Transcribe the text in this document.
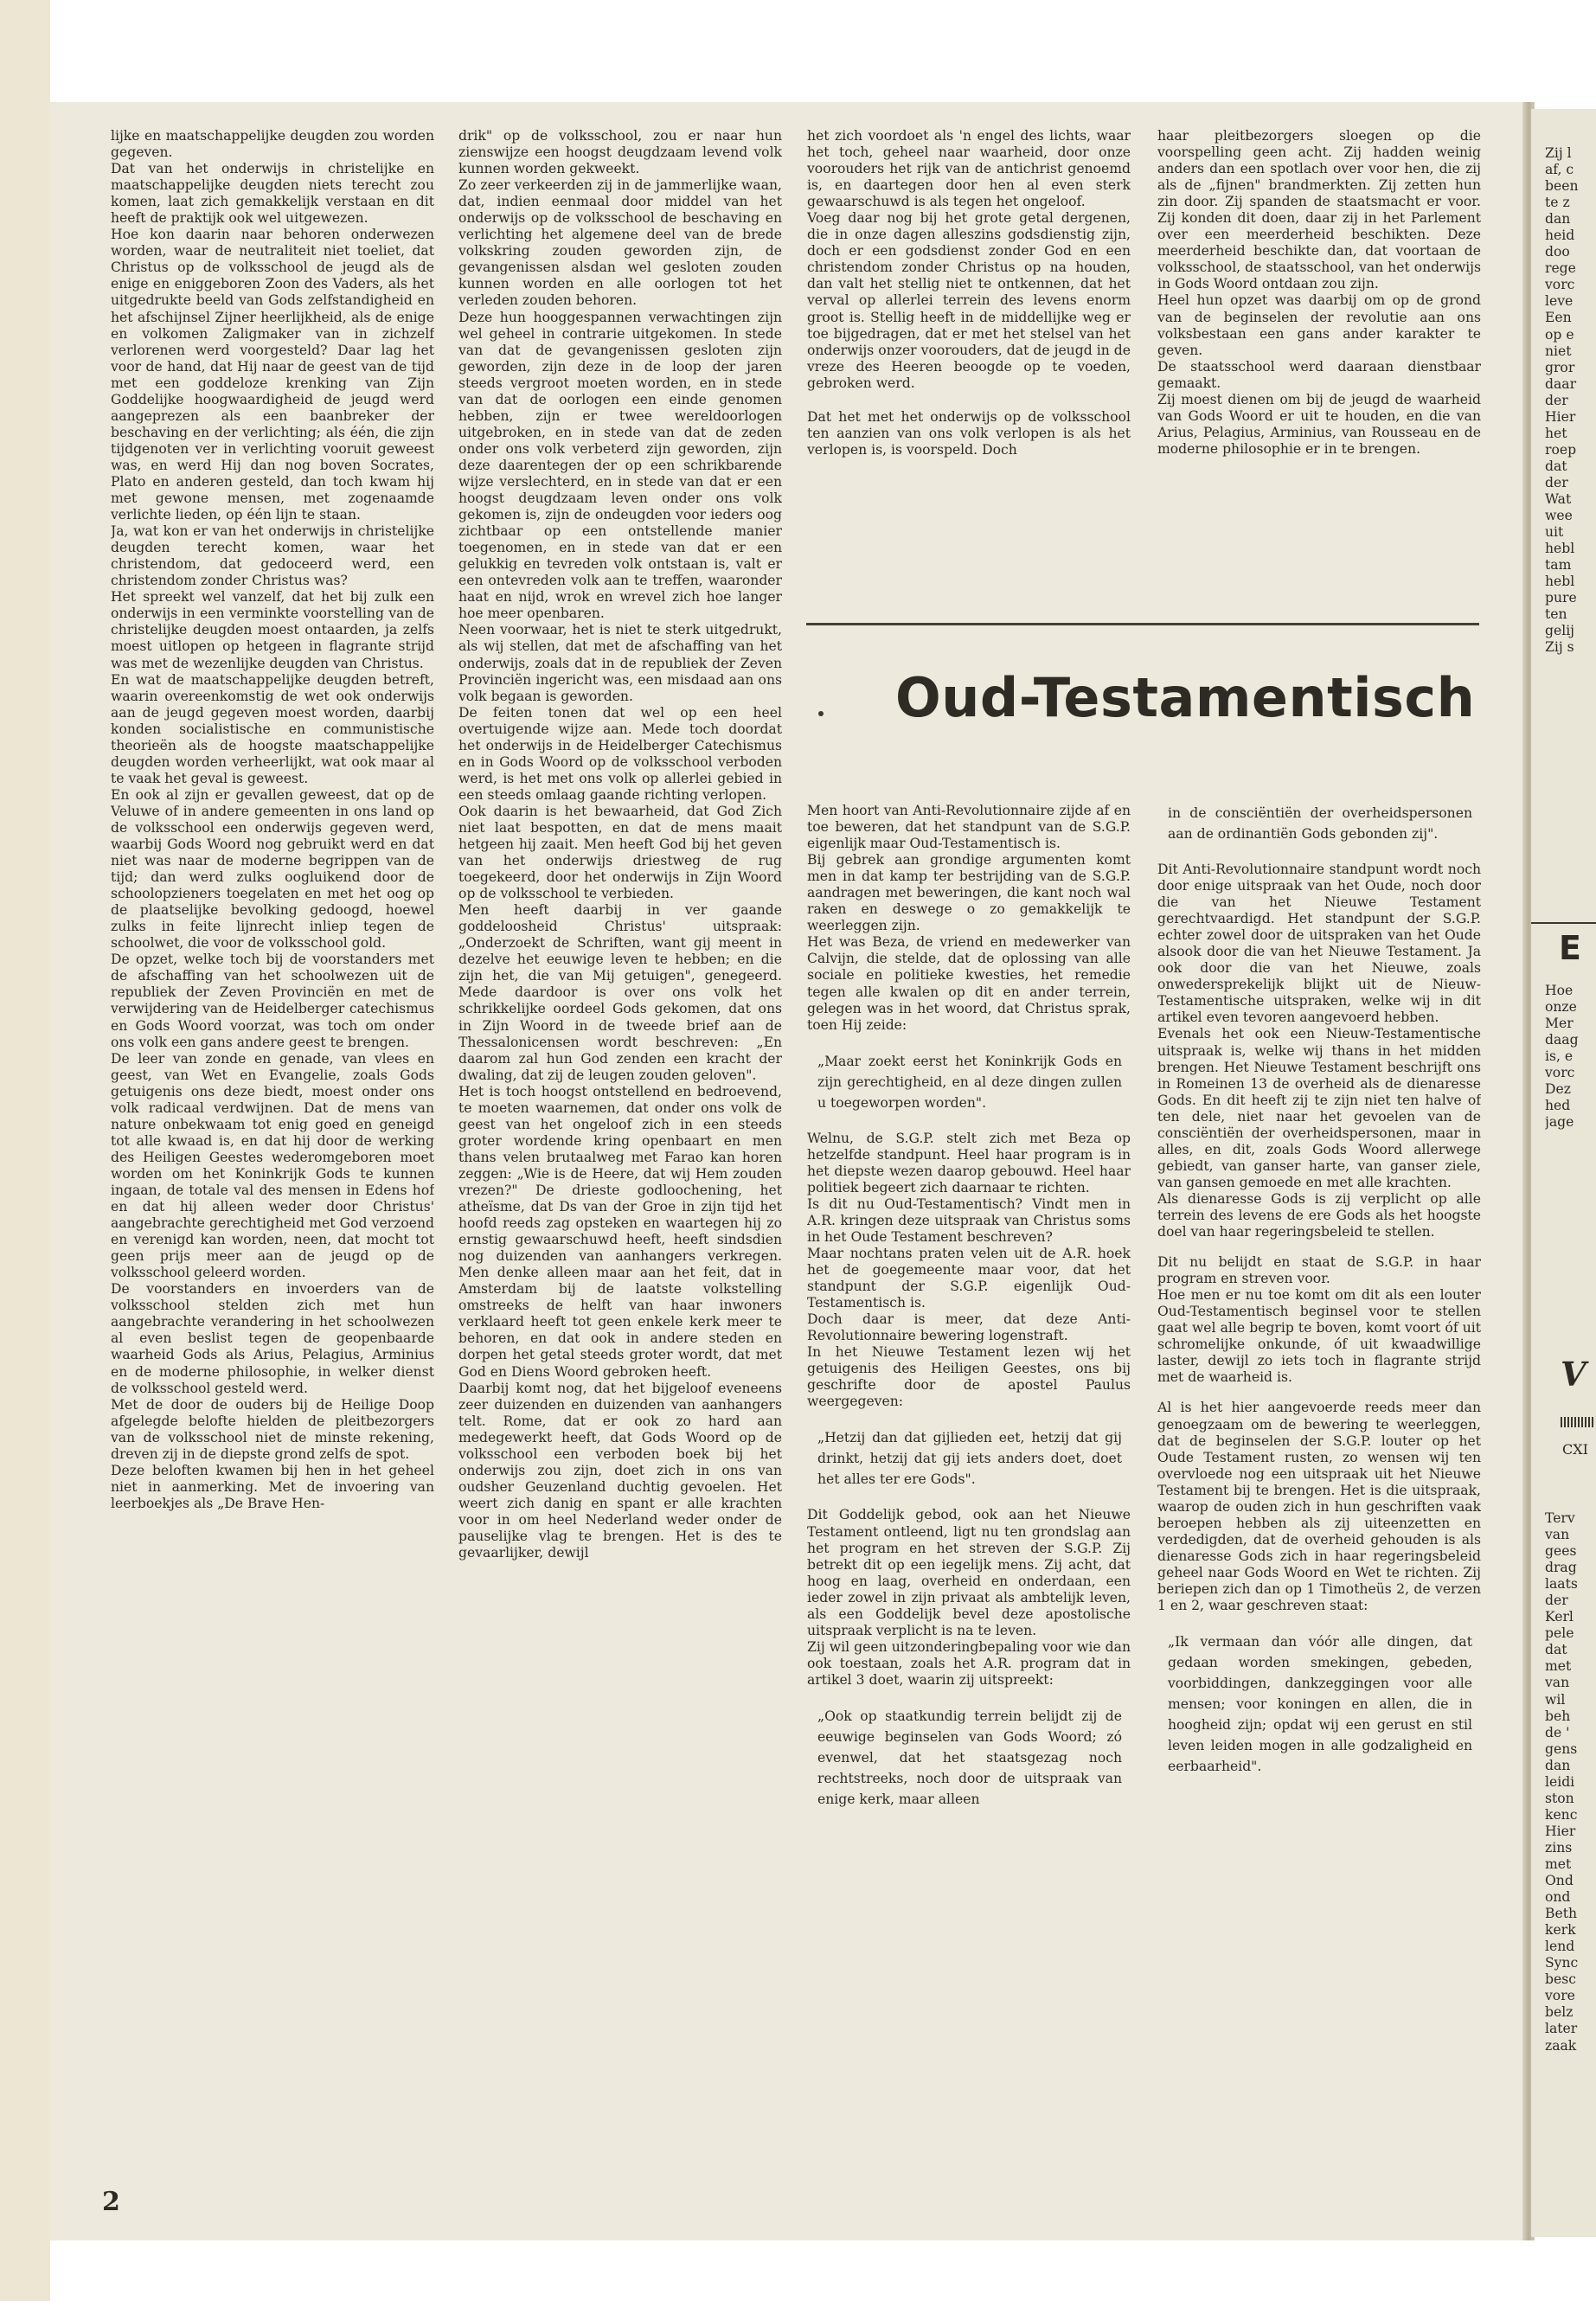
lijke en maatschappelijke deugden zou worden gegeven.

Dat van het onderwijs in christelijke en maatschappelijke deugden niets terecht zou komen, laat zich gemakkelijk verstaan en dit heeft de praktijk ook wel uitgewezen.

Hoe kon daarin naar behoren onderwezen worden, waar de neutraliteit niet toeliet, dat Christus op de volksschool de jeugd als de enige en eniggeboren Zoon des Vaders, als het uitgedrukte beeld van Gods zelfstandigheid en het afschijnsel Zijner heerlijkheid, als de enige en volkomen Zaligmaker van in zichzelf verlorenen werd voorgesteld? Daar lag het voor de hand, dat Hij naar de geest van de tijd met een goddeloze krenking van Zijn Goddelijke hoogwaardigheid de jeugd werd aangeprezen als een baanbreker der beschaving en der verlichting; als één, die zijn tijdgenoten ver in verlichting vooruit geweest was, en werd Hij dan nog boven Socrates, Plato en anderen gesteld, dan toch kwam hij met gewone mensen, met zogenaamde verlichte lieden, op één lijn te staan.

Ja, wat kon er van het onderwijs in christelijke deugden terecht komen, waar het christendom, dat gedoceerd werd, een christendom zonder Christus was?

Het spreekt wel vanzelf, dat het bij zulk een onderwijs in een verminkte voorstelling van de christelijke deugden moest ontaarden, ja zelfs moest uitlopen op hetgeen in flagrante strijd was met de wezenlijke deugden van Christus.

En wat de maatschappelijke deugden betreft, waarin overeenkomstig de wet ook onderwijs aan de jeugd gegeven moest worden, daarbij konden socialistische en communistische theorieën als de hoogste maatschappelijke deugden worden verheerlijkt, wat ook maar al te vaak het geval is geweest.

En ook al zijn er gevallen geweest, dat op de Veluwe of in andere gemeenten in ons land op de volksschool een onderwijs gegeven werd, waarbij Gods Woord nog gebruikt werd en dat niet was naar de moderne begrippen van de tijd; dan werd zulks oogluikend door de schoolopzieners toegelaten en met het oog op de plaatselijke bevolking gedoogd, hoewel zulks in feite lijnrecht inliep tegen de schoolwet, die voor de volksschool gold.

De opzet, welke toch bij de voorstanders met de afschaffing van het schoolwezen uit de republiek der Zeven Provinciën en met de verwijdering van de Heidelberger catechismus en Gods Woord voorzat, was toch om onder ons volk een gans andere geest te brengen.

De leer van zonde en genade, van vlees en geest, van Wet en Evangelie, zoals Gods getuigenis ons deze biedt, moest onder ons volk radicaal verdwijnen. Dat de mens van nature onbekwaam tot enig goed en geneigd tot alle kwaad is, en dat hij door de werking des Heiligen Geestes wederomgeboren moet worden om het Koninkrijk Gods te kunnen ingaan, de totale val des mensen in Edens hof en dat hij alleen weder door Christus' aangebrachte gerechtigheid met God verzoend en verenigd kan worden, neen, dat mocht tot geen prijs meer aan de jeugd op de volksschool geleerd worden.

De voorstanders en invoerders van de volksschool stelden zich met hun aangebrachte verandering in het schoolwezen al even beslist tegen de geopenbaarde waarheid Gods als Arius, Pelagius, Arminius en de moderne philosophie, in welker dienst de volksschool gesteld werd.

Met de door de ouders bij de Heilige Doop afgelegde belofte hielden de pleitbezorgers van de volksschool niet de minste rekening, dreven zij in de diepste grond zelfs de spot.

Deze beloften kwamen bij hen in het geheel niet in aanmerking. Met de invoering van leerboekjes als „De Brave Hen-

drik" op de volksschool, zou er naar hun zienswijze een hoogst deugdzaam levend volk kunnen worden gekweekt.

Zo zeer verkeerden zij in de jammerlijke waan, dat, indien eenmaal door middel van het onderwijs op de volksschool de beschaving en verlichting het algemene deel van de brede volkskring zouden geworden zijn, de gevangenissen alsdan wel gesloten zouden kunnen worden en alle oorlogen tot het verleden zouden behoren.

Deze hun hooggespannen verwachtingen zijn wel geheel in contrarie uitgekomen. In stede van dat de gevangenissen gesloten zijn geworden, zijn deze in de loop der jaren steeds vergroot moeten worden, en in stede van dat de oorlogen een einde genomen hebben, zijn er twee wereldoorlogen uitgebroken, en in stede van dat de zeden onder ons volk verbeterd zijn geworden, zijn deze daarentegen der op een schrikbarende wijze verslechterd, en in stede van dat er een hoogst deugdzaam leven onder ons volk gekomen is, zijn de ondeugden voor ieders oog zichtbaar op een ontstellende manier toegenomen, en in stede van dat er een gelukkig en tevreden volk ontstaan is, valt er een ontevreden volk aan te treffen, waaronder haat en nijd, wrok en wrevel zich hoe langer hoe meer openbaren.

Neen voorwaar, het is niet te sterk uitgedrukt, als wij stellen, dat met de afschaffing van het onderwijs, zoals dat in de republiek der Zeven Provinciën ingericht was, een misdaad aan ons volk begaan is geworden.

De feiten tonen dat wel op een heel overtuigende wijze aan. Mede toch doordat het onderwijs in de Heidelberger Catechismus en in Gods Woord op de volksschool verboden werd, is het met ons volk op allerlei gebied in een steeds omlaag gaande richting verlopen.

Ook daarin is het bewaarheid, dat God Zich niet laat bespotten, en dat de mens maait hetgeen hij zaait. Men heeft God bij het geven van het onderwijs driestweg de rug toegekeerd, door het onderwijs in Zijn Woord op de volksschool te verbieden.

Men heeft daarbij in ver gaande goddeloosheid Christus' uitspraak: „Onderzoekt de Schriften, want gij meent in dezelve het eeuwige leven te hebben; en die zijn het, die van Mij getuigen", genegeerd. Mede daardoor is over ons volk het schrikkelijke oordeel Gods gekomen, dat ons in Zijn Woord in de tweede brief aan de Thessalonicensen wordt beschreven: „En daarom zal hun God zenden een kracht der dwaling, dat zij de leugen zouden geloven".

Het is toch hoogst ontstellend en bedroevend, te moeten waarnemen, dat onder ons volk de geest van het ongeloof zich in een steeds groter wordende kring openbaart en men thans velen brutaalweg met Farao kan horen zeggen: „Wie is de Heere, dat wij Hem zouden vrezen?" De drieste godloochening, het atheïsme, dat Ds van der Groe in zijn tijd het hoofd reeds zag opsteken en waartegen hij zo ernstig gewaarschuwd heeft, heeft sindsdien nog duizenden van aanhangers verkregen. Men denke alleen maar aan het feit, dat in Amsterdam bij de laatste volkstelling omstreeks de helft van haar inwoners verklaard heeft tot geen enkele kerk meer te behoren, en dat ook in andere steden en dorpen het getal steeds groter wordt, dat met God en Diens Woord gebroken heeft.

Daarbij komt nog, dat het bijgeloof eveneens zeer duizenden en duizenden van aanhangers telt. Rome, dat er ook zo hard aan medegewerkt heeft, dat Gods Woord op de volksschool een verboden boek bij het onderwijs zou zijn, doet zich in ons van oudsher Geuzenland duchtig gevoelen. Het weert zich danig en spant er alle krachten voor in om heel Nederland weder onder de pauselijke vlag te brengen. Het is des te gevaarlijker, dewijl

het zich voordoet als 'n engel des lichts, waar het toch, geheel naar waarheid, door onze voorouders het rijk van de antichrist genoemd is, en daartegen door hen al even sterk gewaarschuwd is als tegen het ongeloof.

Voeg daar nog bij het grote getal dergenen, die in onze dagen alleszins godsdienstig zijn, doch er een godsdienst zonder God en een christendom zonder Christus op na houden, dan valt het stellig niet te ontkennen, dat het verval op allerlei terrein des levens enorm groot is. Stellig heeft in de middellijke weg er toe bijgedragen, dat er met het stelsel van het onderwijs onzer voorouders, dat de jeugd in de vreze des Heeren beoogde op te voeden, gebroken werd.

Dat het met het onderwijs op de volksschool ten aanzien van ons volk verlopen is als het verlopen is, is voorspeld. Doch

haar pleitbezorgers sloegen op die voorspelling geen acht. Zij hadden weinig anders dan een spotlach over voor hen, die zij als de „fijnen" brandmerkten. Zij zetten hun zin door. Zij spanden de staatsmacht er voor. Zij konden dit doen, daar zij in het Parlement over een meerderheid beschikten. Deze meerderheid beschikte dan, dat voortaan de volksschool, de staatsschool, van het onderwijs in Gods Woord ontdaan zou zijn.

Heel hun opzet was daarbij om op de grond van de beginselen der revolutie aan ons volksbestaan een gans ander karakter te geven.

De staatsschool werd daaraan dienstbaar gemaakt.

Zij moest dienen om bij de jeugd de waarheid van Gods Woord er uit te houden, en die van Arius, Pelagius, Arminius, van Rousseau en de moderne philosophie er in te brengen.

Oud-Testamentisch

Men hoort van Anti-Revolutionnaire zijde af en toe beweren, dat het standpunt van de S.G.P. eigenlijk maar Oud-Testamentisch is.

Bij gebrek aan grondige argumenten komt men in dat kamp ter bestrijding van de S.G.P. aandragen met beweringen, die kant noch wal raken en deswege o zo gemakkelijk te weerleggen zijn.

Het was Beza, de vriend en medewerker van Calvijn, die stelde, dat de oplossing van alle sociale en politieke kwesties, het remedie tegen alle kwalen op dit en ander terrein, gelegen was in het woord, dat Christus sprak, toen Hij zeide:

„Maar zoekt eerst het Koninkrijk Gods en zijn gerechtigheid, en al deze dingen zullen u toegeworpen worden".

Welnu, de S.G.P. stelt zich met Beza op hetzelfde standpunt. Heel haar program is in het diepste wezen daarop gebouwd. Heel haar politiek begeert zich daarnaar te richten.

Is dit nu Oud-Testamentisch? Vindt men in A.R. kringen deze uitspraak van Christus soms in het Oude Testament beschreven?

Maar nochtans praten velen uit de A.R. hoek het de goegemeente maar voor, dat het standpunt der S.G.P. eigenlijk Oud-Testamentisch is.

Doch daar is meer, dat deze Anti-Revolutionnaire bewering logenstraft.

In het Nieuwe Testament lezen wij het getuigenis des Heiligen Geestes, ons bij geschrifte door de apostel Paulus weergegeven:

„Hetzij dan dat gijlieden eet, hetzij dat gij drinkt, hetzij dat gij iets anders doet, doet het alles ter ere Gods".

Dit Goddelijk gebod, ook aan het Nieuwe Testament ontleend, ligt nu ten grondslag aan het program en het streven der S.G.P. Zij betrekt dit op een iegelijk mens. Zij acht, dat hoog en laag, overheid en onderdaan, een ieder zowel in zijn privaat als ambtelijk leven, als een Goddelijk bevel deze apostolische uitspraak verplicht is na te leven.

Zij wil geen uitzonderingbepaling voor wie dan ook toestaan, zoals het A.R. program dat in artikel 3 doet, waarin zij uitspreekt:

„Ook op staatkundig terrein belijdt zij de eeuwige beginselen van Gods Woord; zó evenwel, dat het staatsgezag noch rechtstreeks, noch door de uitspraak van enige kerk, maar alleen

in de consciëntiën der overheidspersonen aan de ordinantiën Gods gebonden zij".

Dit Anti-Revolutionnaire standpunt wordt noch door enige uitspraak van het Oude, noch door die van het Nieuwe Testament gerechtvaardigd. Het standpunt der S.G.P. echter zowel door de uitspraken van het Oude alsook door die van het Nieuwe Testament. Ja ook door die van het Nieuwe, zoals onwedersprekelijk blijkt uit de Nieuw-Testamentische uitspraken, welke wij in dit artikel even tevoren aangevoerd hebben.

Evenals het ook een Nieuw-Testamentische uitspraak is, welke wij thans in het midden brengen. Het Nieuwe Testament beschrijft ons in Romeinen 13 de overheid als de dienaresse Gods. En dit heeft zij te zijn niet ten halve of ten dele, niet naar het gevoelen van de consciëntiën der overheidspersonen, maar in alles, en dit, zoals Gods Woord allerwege gebiedt, van ganser harte, van ganser ziele, van gansen gemoede en met alle krachten.

Als dienaresse Gods is zij verplicht op alle terrein des levens de ere Gods als het hoogste doel van haar regeringsbeleid te stellen.

Dit nu belijdt en staat de S.G.P. in haar program en streven voor.

Hoe men er nu toe komt om dit als een louter Oud-Testamentisch beginsel voor te stellen gaat wel alle begrip te boven, komt voort óf uit schromelijke onkunde, óf uit kwaadwillige laster, dewijl zo iets toch in flagrante strijd met de waarheid is.

Al is het hier aangevoerde reeds meer dan genoegzaam om de bewering te weerleggen, dat de beginselen der S.G.P. louter op het Oude Testament rusten, zo wensen wij ten overvloede nog een uitspraak uit het Nieuwe Testament bij te brengen. Het is die uitspraak, waarop de ouden zich in hun geschriften vaak beroepen hebben als zij uiteenzetten en verdedigden, dat de overheid gehouden is als dienaresse Gods zich in haar regeringsbeleid geheel naar Gods Woord en Wet te richten. Zij beriepen zich dan op 1 Timotheüs 2, de verzen 1 en 2, waar geschreven staat:

„Ik vermaan dan vóór alle dingen, dat gedaan worden smekingen, gebeden, voorbiddingen, dankzeggingen voor alle mensen; voor koningen en allen, die in hoogheid zijn; opdat wij een gerust en stil leven leiden mogen in alle godzaligheid en eerbaarheid".

2
Zij l
af, c
been
te z
dan
heid
doo
rege
vorc
leve
Een
op e
niet
gror
daar
der
Hier
het
roep
dat
der
Wat
wee
uit
hebl
tam
hebl
pure
ten
gelij
Zij s
E
Hoe
onze
Mer
daag
is, e
vorc
Dez
hed
jage
V
CXI
Terv
van
gees
drag
laats
der
Kerl
pele
dat
met
van
wil
beh
de '
gens
dan
leidi
ston
kenc
Hier
zins
met
Ond
ond
Beth
kerk
lend
Sync
besc
vore
belz
later
zaak
